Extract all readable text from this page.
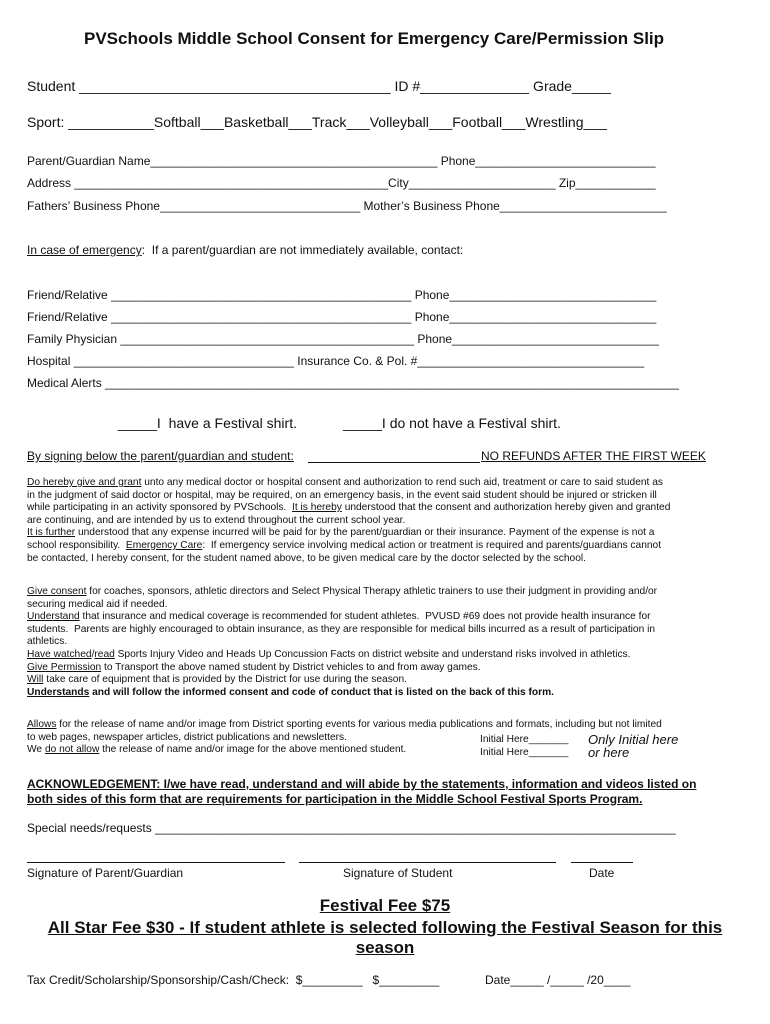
PVSchools Middle School Consent for Emergency Care/Permission Slip
Student ________________________________________ ID #______________ Grade_____
Sport: ___________Softball___Basketball___Track___Volleyball___Football___Wrestling___
Parent/Guardian Name___________________________________________ Phone___________________________
Address _______________________________________________City______________________ Zip____________
Fathers’ Business Phone______________________________ Mother’s Business Phone_________________________
In case of emergency:  If a parent/guardian are not immediately available, contact:
Friend/Relative _____________________________________________ Phone_______________________________
Friend/Relative _____________________________________________ Phone_______________________________
Family Physician ____________________________________________ Phone_______________________________
Hospital _________________________________ Insurance Co. & Pol. #__________________________________
Medical Alerts ______________________________________________________________________________________
_____I  have a Festival shirt.	_____I do not have a Festival shirt.
By signing below the parent/guardian and student:	NO REFUNDS AFTER THE FIRST WEEK
Do hereby give and grant unto any medical doctor or hospital consent and authorization to rend such aid, treatment or care to said student as
in the judgment of said doctor or hospital, may be required, on an emergency basis, in the event said student should be injured or stricken ill
while participating in an activity sponsored by PVSchools.  It is hereby understood that the consent and authorization hereby given and granted
are continuing, and are intended by us to extend throughout the current school year.
It is further understood that any expense incurred will be paid for by the parent/guardian or their insurance. Payment of the expense is not a
school responsibility.  Emergency Care:  If emergency service involving medical action or treatment is required and parents/guardians cannot
be contacted, I hereby consent, for the student named above, to be given medical care by the doctor selected by the school.
Give consent for coaches, sponsors, athletic directors and Select Physical Therapy athletic trainers to use their judgment in providing and/or
securing medical aid if needed.
Understand that insurance and medical coverage is recommended for student athletes.  PVUSD #69 does not provide health insurance for
students.  Parents are highly encouraged to obtain insurance, as they are responsible for medical bills incurred as a result of participation in
athletics.
Have watched/read Sports Injury Video and Heads Up Concussion Facts on district website and understand risks involved in athletics.
Give Permission to Transport the above named student by District vehicles to and from away games.
Will take care of equipment that is provided by the District for use during the season.
Understands and will follow the informed consent and code of conduct that is listed on the back of this form.
Allows for the release of name and/or image from District sporting events for various media publications and formats, including but not limited
to web pages, newspaper articles, district publications and newsletters.
We do not allow the release of name and/or image for the above mentioned student.
Initial Here_______ Only Initial here
Initial Here_______ or here
ACKNOWLEDGEMENT: I/we have read, understand and will abide by the statements, information and videos listed on
both sides of this form that are requirements for participation in the Middle School Festival Sports Program.
Special needs/requests ______________________________________________________________________________
Signature of Parent/Guardian	Signature of Student	Date
Festival Fee $75
All Star Fee $30 - If student athlete is selected following the Festival Season for this
season
Tax Credit/Scholarship/Sponsorship/Cash/Check:  $_________   $_________	Date_____ /_____ /20____
